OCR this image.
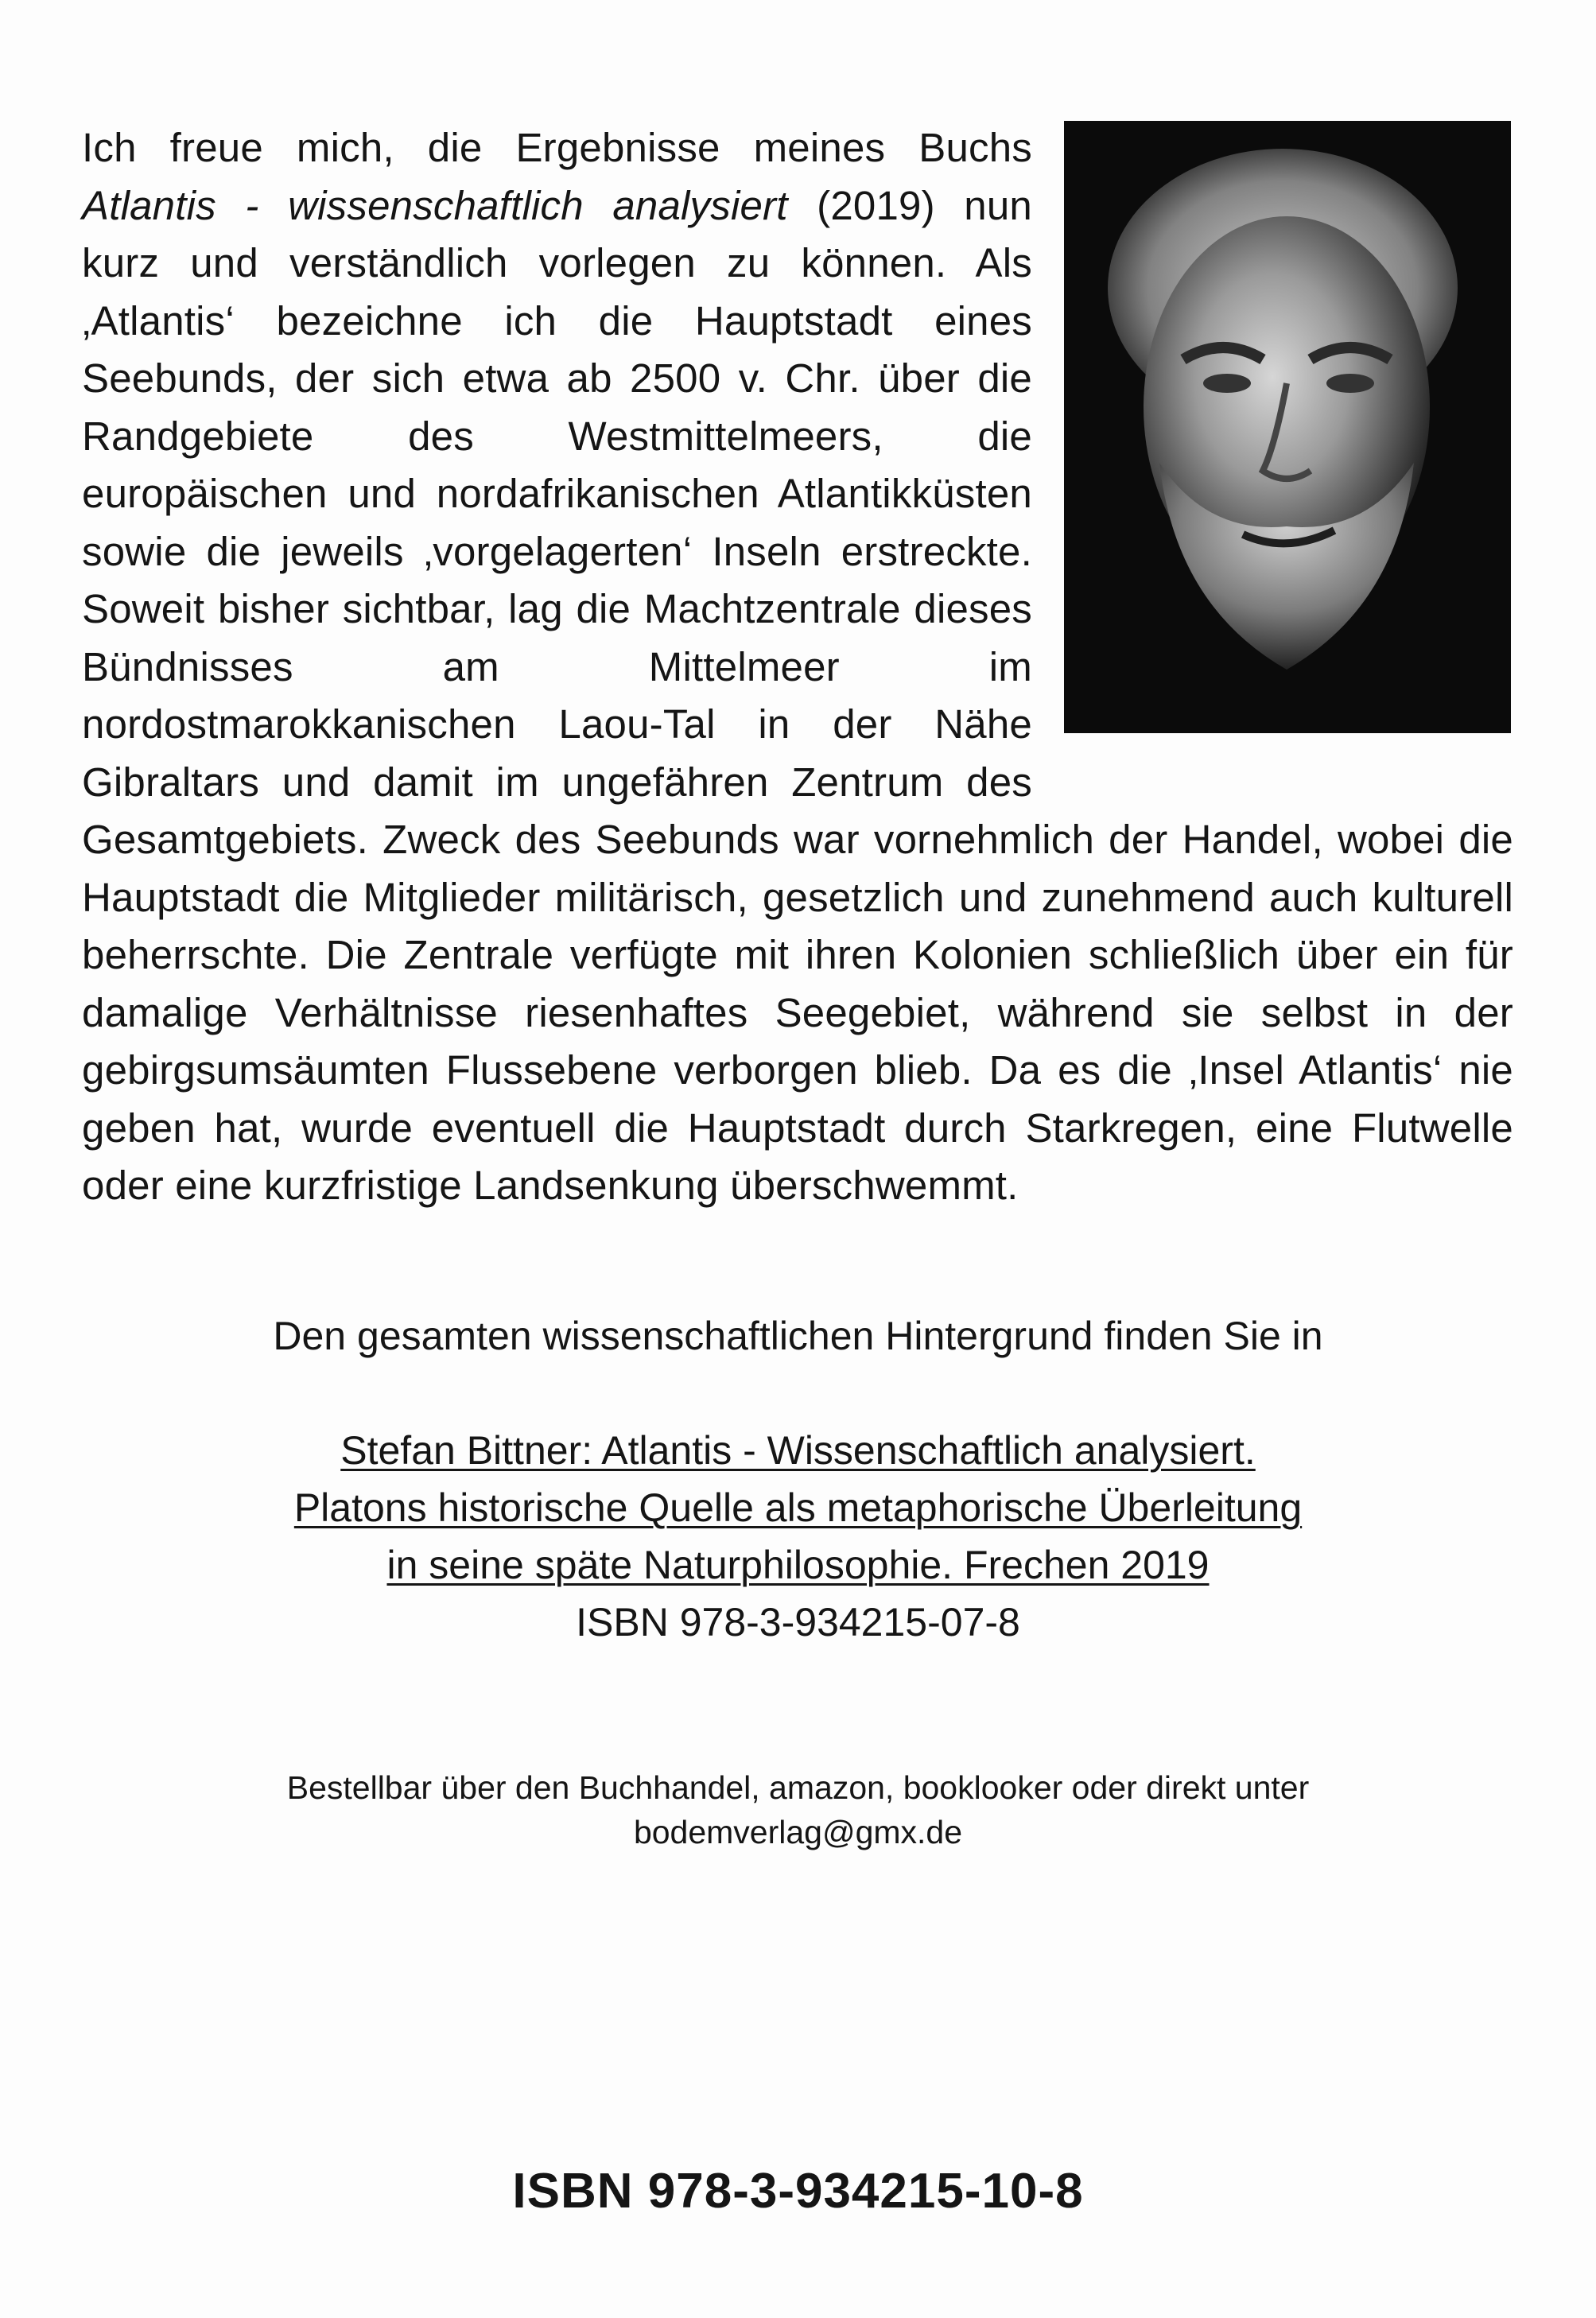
Ich freue mich, die Ergebnisse meines Buchs Atlantis - wissenschaftlich analysiert (2019) nun kurz und verständlich vorlegen zu können. Als ‚Atlantis‘ bezeichne ich die Hauptstadt eines Seebunds, der sich etwa ab 2500 v. Chr. über die Randgebiete des Westmittelmeers, die europäischen und nordafrikanischen Atlantikküsten sowie die jeweils ‚vorgelagerten‘ Inseln erstreckte. Soweit bisher sichtbar, lag die Machtzentrale dieses Bündnisses am Mittelmeer im nordostmarokkanischen Laou-Tal in der Nähe Gibraltars und damit im ungefähren Zentrum des Gesamtgebiets. Zweck des Seebunds war vornehmlich der Handel, wobei die Hauptstadt die Mitglieder militärisch, gesetzlich und zunehmend auch kulturell beherrschte. Die Zentrale verfügte mit ihren Kolonien schließlich über ein für damalige Verhältnisse riesenhaftes Seegebiet, während sie selbst in der gebirgsumsäumten Flussebene verborgen blieb. Da es die ‚Insel Atlantis‘ nie geben hat, wurde eventuell die Hauptstadt durch Starkregen, eine Flutwelle oder eine kurzfristige Landsenkung überschwemmt.

Den gesamten wissenschaftlichen Hintergrund finden Sie in

Stefan Bittner: Atlantis - Wissenschaftlich analysiert.
Platons historische Quelle als metaphorische Überleitung
in seine späte Naturphilosophie. Frechen 2019
ISBN 978-3-934215-07-8
Bestellbar über den Buchhandel, amazon, booklooker oder direkt unter
bodemverlag@gmx.de

ISBN 978-3-934215-10-8
